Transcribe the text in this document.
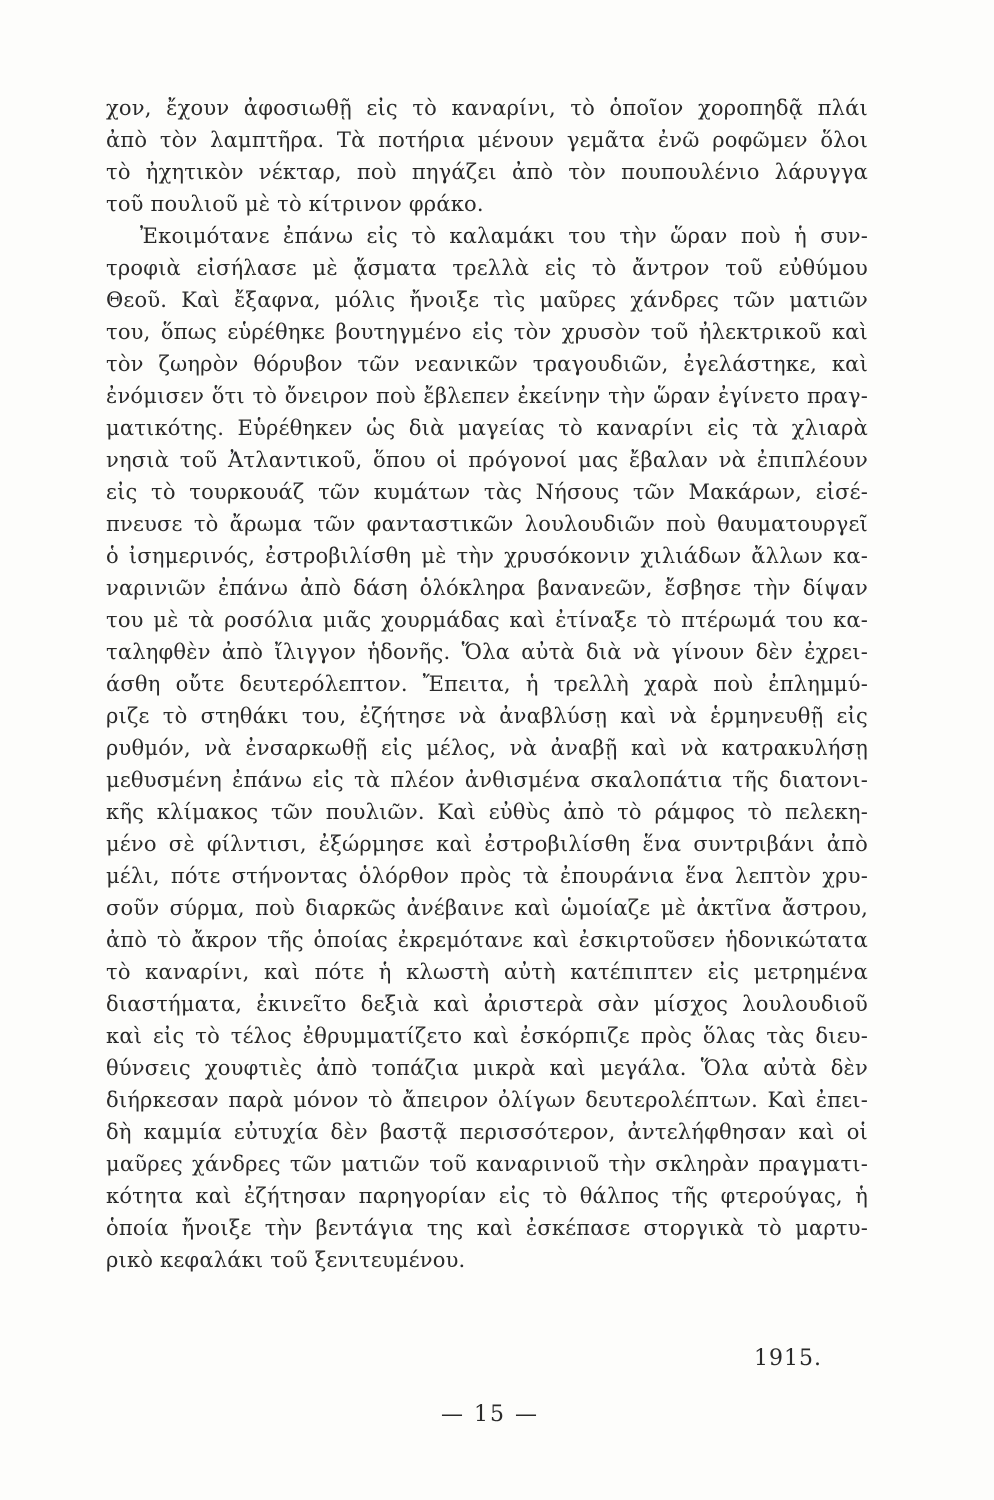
χον, ἔχουν ἀφοσιωθῇ εἰς τὸ καναρίνι, τὸ ὁποῖον χοροπηδᾷ πλάι
ἀπὸ τὸν λαμπτῆρα. Τὰ ποτήρια μένουν γεμᾶτα ἐνῶ ροφῶμεν ὅλοι
τὸ ἠχητικὸν νέκταρ, ποὺ πηγάζει ἀπὸ τὸν πουπουλένιο λάρυγγα
τοῦ πουλιοῦ μὲ τὸ κίτρινον φράκο.
Ἐκοιμότανε ἐπάνω εἰς τὸ καλαμάκι του τὴν ὥραν ποὺ ἡ συν-
τροφιὰ εἰσήλασε μὲ ᾄσματα τρελλὰ εἰς τὸ ἄντρον τοῦ εὐθύμου
Θεοῦ. Καὶ ἔξαφνα, μόλις ἤνοιξε τὶς μαῦρες χάνδρες τῶν ματιῶν
του, ὅπως εὑρέθηκε βουτηγμένο εἰς τὸν χρυσὸν τοῦ ἠλεκτρικοῦ καὶ
τὸν ζωηρὸν θόρυβον τῶν νεανικῶν τραγουδιῶν, ἐγελάστηκε, καὶ
ἐνόμισεν ὅτι τὸ ὄνειρον ποὺ ἔβλεπεν ἐκείνην τὴν ὥραν ἐγίνετο πραγ-
ματικότης. Εὑρέθηκεν ὡς διὰ μαγείας τὸ καναρίνι εἰς τὰ χλιαρὰ
νησιὰ τοῦ Ἀτλαντικοῦ, ὅπου οἱ πρόγονοί μας ἔβαλαν νὰ ἐπιπλέουν
εἰς τὸ τουρκουάζ τῶν κυμάτων τὰς Νήσους τῶν Μακάρων, εἰσέ-
πνευσε τὸ ἄρωμα τῶν φανταστικῶν λουλουδιῶν ποὺ θαυματουργεῖ
ὁ ἰσημερινός, ἐστροβιλίσθη μὲ τὴν χρυσόκονιν χιλιάδων ἄλλων κα-
ναρινιῶν ἐπάνω ἀπὸ δάση ὁλόκληρα βανανεῶν, ἔσβησε τὴν δίψαν
του μὲ τὰ ροσόλια μιᾶς χουρμάδας καὶ ἐτίναξε τὸ πτέρωμά του κα-
ταληφθὲν ἀπὸ ἴλιγγον ἡδονῆς. Ὅλα αὐτὰ διὰ νὰ γίνουν δὲν ἐχρει-
άσθη οὔτε δευτερόλεπτον. Ἔπειτα, ἡ τρελλὴ χαρὰ ποὺ ἐπλημμύ-
ριζε τὸ στηθάκι του, ἐζήτησε νὰ ἀναβλύσῃ καὶ νὰ ἑρμηνευθῇ εἰς
ρυθμόν, νὰ ἐνσαρκωθῇ εἰς μέλος, νὰ ἀναβῇ καὶ νὰ κατρακυλήσῃ
μεθυσμένη ἐπάνω εἰς τὰ πλέον ἀνθισμένα σκαλοπάτια τῆς διατονι-
κῆς κλίμακος τῶν πουλιῶν. Καὶ εὐθὺς ἀπὸ τὸ ράμφος τὸ πελεκη-
μένο σὲ φίλντισι, ἐξώρμησε καὶ ἐστροβιλίσθη ἕνα συντριβάνι ἀπὸ
μέλι, πότε στήνοντας ὁλόρθον πρὸς τὰ ἐπουράνια ἕνα λεπτὸν χρυ-
σοῦν σύρμα, ποὺ διαρκῶς ἀνέβαινε καὶ ὡμοίαζε μὲ ἀκτῖνα ἄστρου,
ἀπὸ τὸ ἄκρον τῆς ὁποίας ἐκρεμότανε καὶ ἐσκιρτοῦσεν ἡδονικώτατα
τὸ καναρίνι, καὶ πότε ἡ κλωστὴ αὐτὴ κατέπιπτεν εἰς μετρημένα
διαστήματα, ἐκινεῖτο δεξιὰ καὶ ἀριστερὰ σὰν μίσχος λουλουδιοῦ
καὶ εἰς τὸ τέλος ἐθρυμματίζετο καὶ ἐσκόρπιζε πρὸς ὅλας τὰς διευ-
θύνσεις χουφτιὲς ἀπὸ τοπάζια μικρὰ καὶ μεγάλα. Ὅλα αὐτὰ δὲν
διήρκεσαν παρὰ μόνον τὸ ἄπειρον ὀλίγων δευτερολέπτων. Καὶ ἐπει-
δὴ καμμία εὐτυχία δὲν βαστᾷ περισσότερον, ἀντελήφθησαν καὶ οἱ
μαῦρες χάνδρες τῶν ματιῶν τοῦ καναρινιοῦ τὴν σκληρὰν πραγματι-
κότητα καὶ ἐζήτησαν παρηγορίαν εἰς τὸ θάλπος τῆς φτερούγας, ἡ
ὁποία ἤνοιξε τὴν βεντάγια της καὶ ἐσκέπασε στοργικὰ τὸ μαρτυ-
ρικὸ κεφαλάκι τοῦ ξενιτευμένου.
1915.
— 15 —
